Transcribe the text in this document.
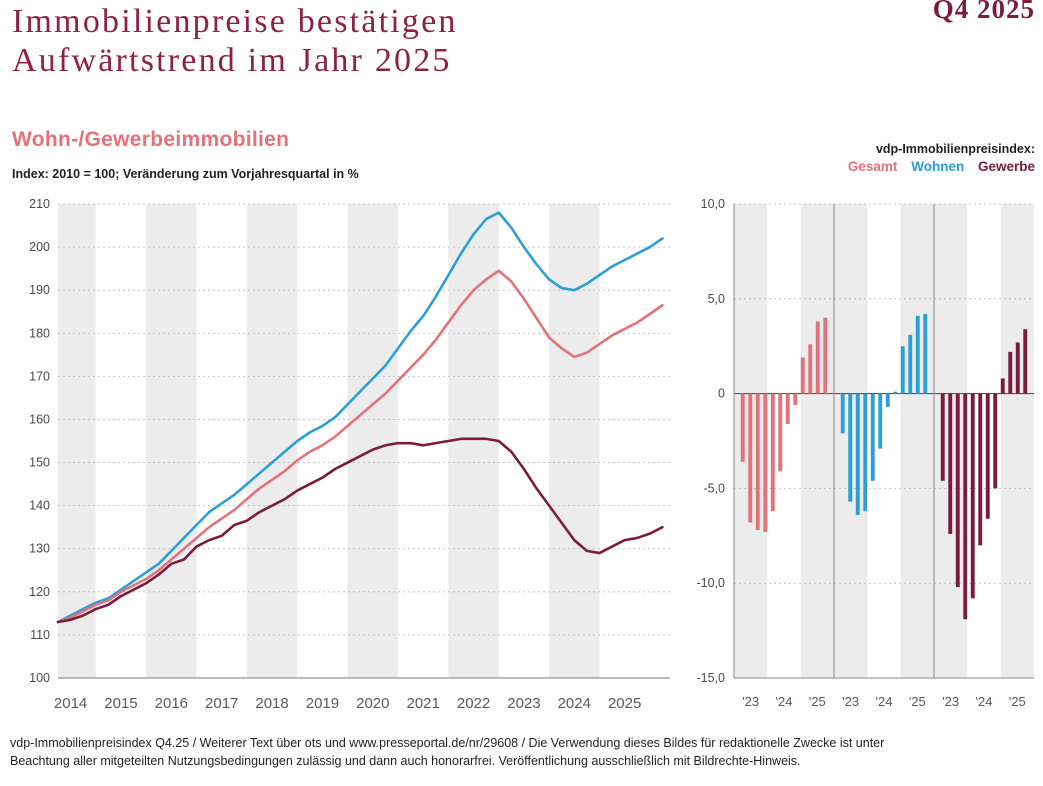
Q4 2025
Immobilienpreise bestätigen
Aufwärtstrend im Jahr 2025
Wohn-/Gewerbeimmobilien
Index: 2010 = 100; Veränderung zum Vorjahresquartal in %
vdp-Immobilienpreisindex:
Gesamt Wohnen Gewerbe
100
110
120
130
140
150
160
170
180
190
200
210
2014 2015 2016 2017 2018 2019 2020 2021 2022 2023 2024 2025
-15,0
-10,0
-5,0
0
5,0
10,0
'23 '24 '25 '23 '24 '25 '23 '24 '25
vdp-Immobilienpreisindex Q4.25 / Weiterer Text über ots und www.presseportal.de/nr/29608 / Die Verwendung dieses Bildes für redaktionelle Zwecke ist unter
Beachtung aller mitgeteilten Nutzungsbedingungen zulässig und dann auch honorarfrei. Veröffentlichung ausschließlich mit Bildrechte-Hinweis.
